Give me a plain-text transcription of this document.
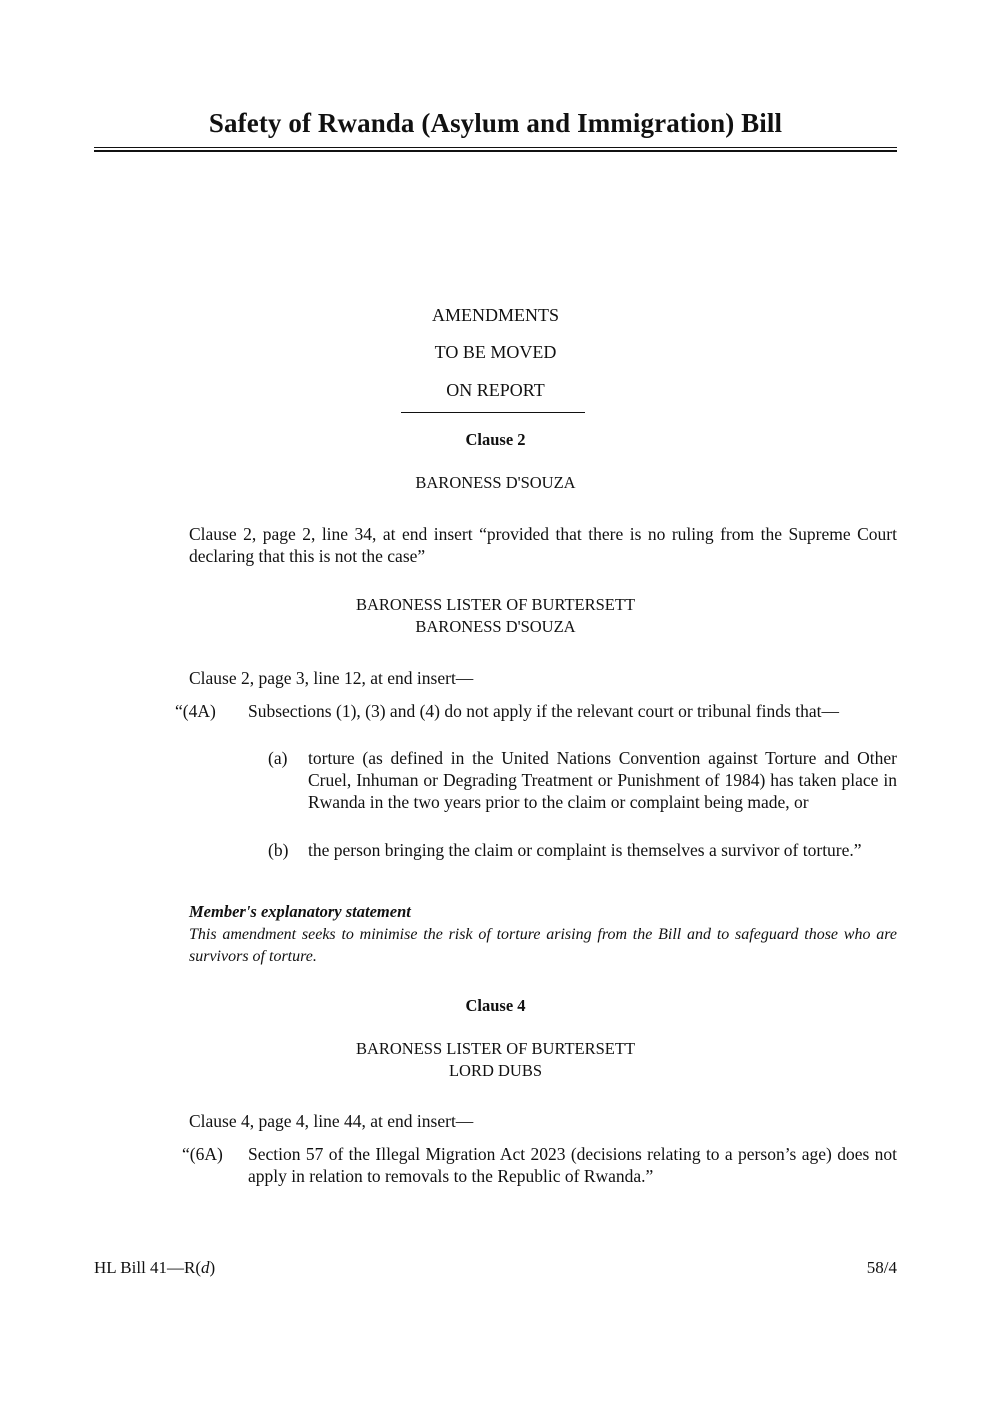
Safety of Rwanda (Asylum and Immigration) Bill
AMENDMENTS
TO BE MOVED
ON REPORT
Clause 2
BARONESS D'SOUZA
Clause 2, page 2, line 34, at end insert “provided that there is no ruling from the Supreme Court declaring that this is not the case”
BARONESS LISTER OF BURTERSETT
BARONESS D'SOUZA
Clause 2, page 3, line 12, at end insert—
“(4A) Subsections (1), (3) and (4) do not apply if the relevant court or tribunal finds that—
(a) torture (as defined in the United Nations Convention against Torture and Other Cruel, Inhuman or Degrading Treatment or Punishment of 1984) has taken place in Rwanda in the two years prior to the claim or complaint being made, or
(b) the person bringing the claim or complaint is themselves a survivor of torture.”
Member's explanatory statement
This amendment seeks to minimise the risk of torture arising from the Bill and to safeguard those who are survivors of torture.
Clause 4
BARONESS LISTER OF BURTERSETT
LORD DUBS
Clause 4, page 4, line 44, at end insert—
“(6A) Section 57 of the Illegal Migration Act 2023 (decisions relating to a person’s age) does not apply in relation to removals to the Republic of Rwanda.”
HL Bill 41—R(d)	58/4
